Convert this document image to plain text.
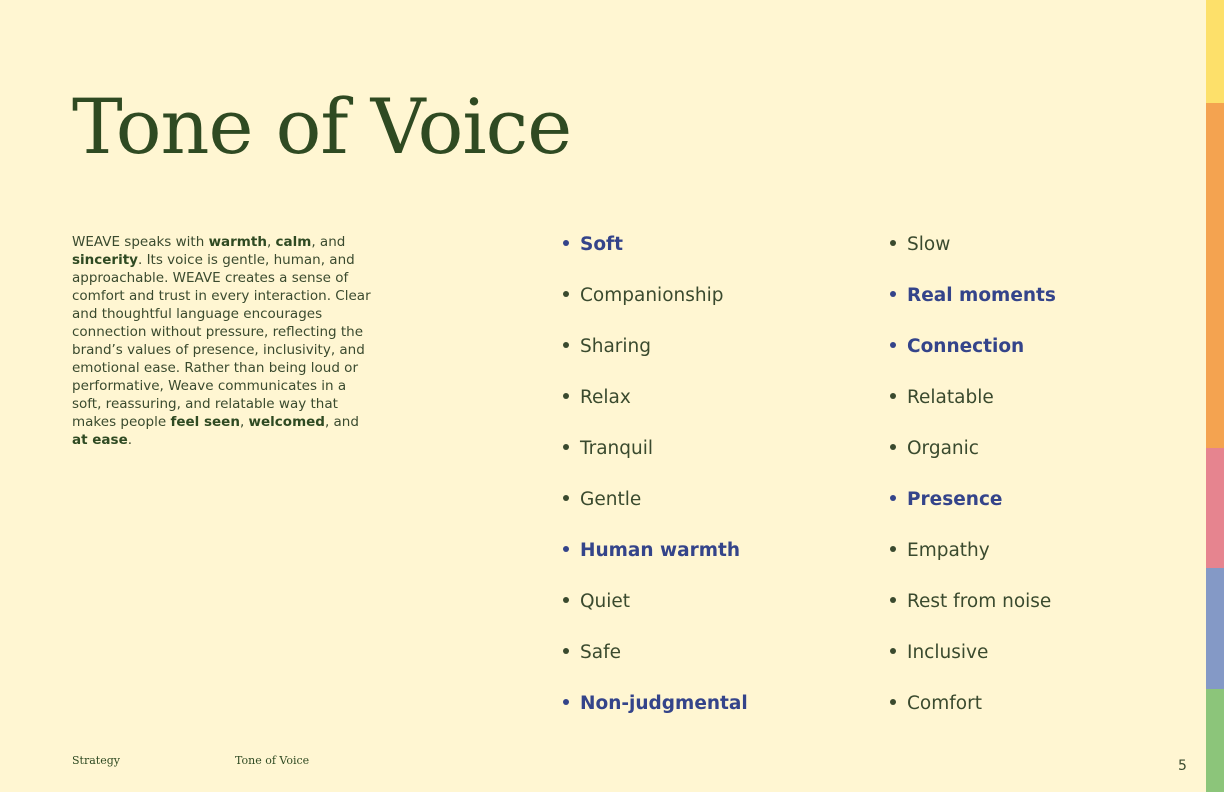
Tone of Voice
WEAVE speaks with warmth, calm, and sincerity. Its voice is gentle, human, and approachable. WEAVE creates a sense of comfort and trust in every interaction. Clear and thoughtful language encourages connection without pressure, reflecting the brand’s values of presence, inclusivity, and emotional ease. Rather than being loud or performative, Weave communicates in a soft, reassuring, and relatable way that makes people feel seen, welcomed, and at ease.
Soft
Companionship
Sharing
Relax
Tranquil
Gentle
Human warmth
Quiet
Safe
Non-judgmental
Slow
Real moments
Connection
Relatable
Organic
Presence
Empathy
Rest from noise
Inclusive
Comfort
Strategy	Tone of Voice	5
